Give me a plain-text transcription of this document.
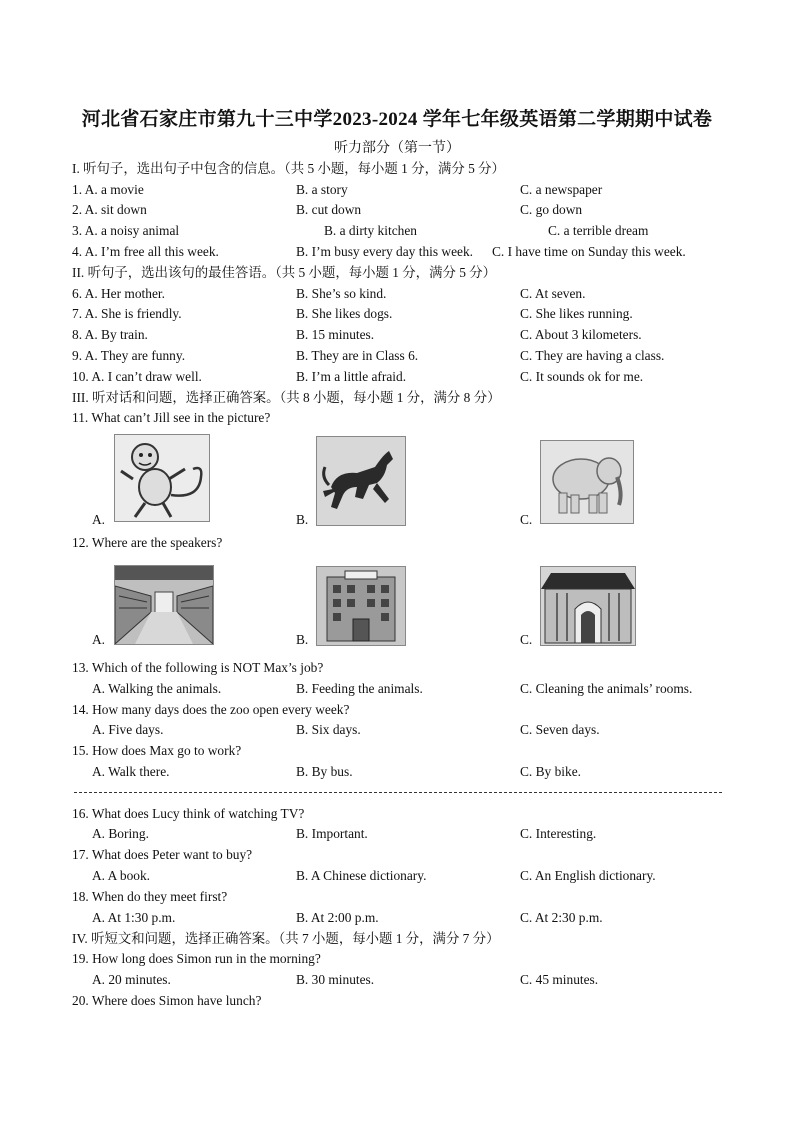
河北省石家庄市第九十三中学2023-2024 学年七年级英语第二学期期中试卷
听力部分（第一节）
I. 听句子，选出句子中包含的信息。（共 5 小题，每小题 1 分，满分 5 分）
1. A. a movie	B. a story	C. a newspaper
2. A. sit down	B. cut down	C. go down
3. A. a noisy animal	B. a dirty kitchen	C. a terrible dream
4. A. I’m free all this week.	B. I’m busy every day this week. C. I have time on Sunday this week.
II. 听句子，选出该句的最佳答语。（共 5 小题，每小题 1 分，满分 5 分）
6. A. Her mother.	B. She’s so kind.	C. At seven.
7. A. She is friendly.	B. She likes dogs.	C. She likes running.
8. A. By train.	B. 15 minutes.	C. About 3 kilometers.
9. A. They are funny.	B. They are in Class 6.	C. They are having a class.
10. A. I can’t draw well.	B. I’m a little afraid.	C. It sounds ok for me.
III. 听对话和问题，选择正确答案。（共 8 小题，每小题 1 分，满分 8 分）
11. What can’t Jill see in the picture?
A.	B.	C.
12. Where are the speakers?
A.	B.	C.
13. Which of the following is NOT Max’s job?
A. Walking the animals.	B. Feeding the animals.	C. Cleaning the animals’ rooms.
14. How many days does the zoo open every week?
A. Five days.	B. Six days.	C. Seven days.
15. How does Max go to work?
A. Walk there.	B. By bus.	C. By bike.
16. What does Lucy think of watching TV?
A. Boring.	B. Important.	C. Interesting.
17. What does Peter want to buy?
A. A book.	B. A Chinese dictionary.	C. An English dictionary.
18. When do they meet first?
A. At 1:30 p.m.	B. At 2:00 p.m.	C. At 2:30 p.m.
IV. 听短文和问题，选择正确答案。（共 7 小题，每小题 1 分，满分 7 分）
19. How long does Simon run in the morning?
A. 20 minutes.	B. 30 minutes.	C. 45 minutes.
20. Where does Simon have lunch?
